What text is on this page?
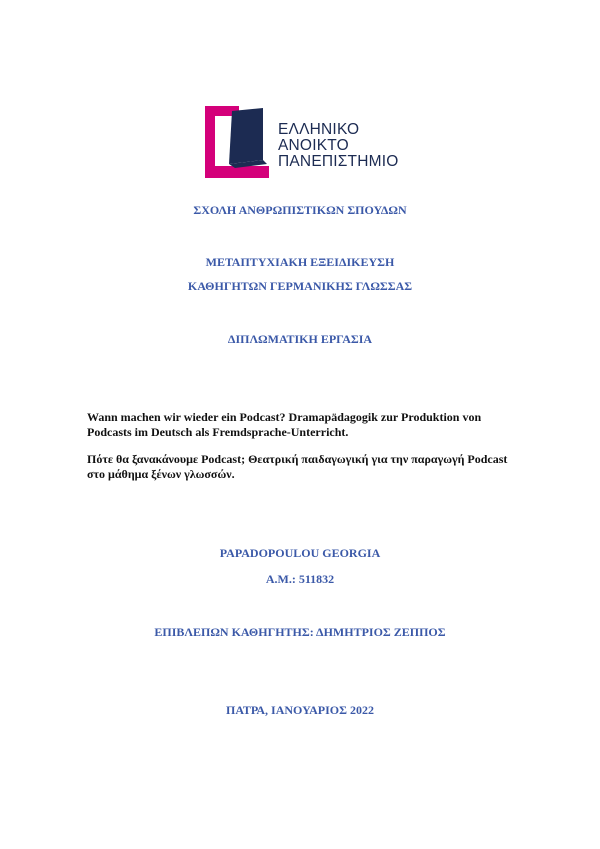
ΕΛΛΗΝΙΚΟ
ΑΝΟΙΚΤΟ
ΠΑΝΕΠΙΣΤΗΜΙΟ
ΣΧΟΛΗ ΑΝΘΡΩΠΙΣΤΙΚΩΝ ΣΠΟΥΔΩΝ
ΜΕΤΑΠΤΥΧΙΑΚΗ ΕΞΕΙΔΙΚΕΥΣΗ
ΚΑΘΗΓΗΤΩΝ ΓΕΡΜΑΝΙΚΗΣ ΓΛΩΣΣΑΣ
ΔΙΠΛΩΜΑΤΙΚΗ ΕΡΓΑΣΙΑ
Wann machen wir wieder ein Podcast? Dramapädagogik zur Produktion von
Podcasts im Deutsch als Fremdsprache-Unterricht.
Πότε θα ξανακάνουμε Podcast; Θεατρική παιδαγωγική για την παραγωγή Podcast
στο μάθημα ξένων γλωσσών.
PAPADOPOULOU GEORGIA
A.M.: 511832
ΕΠΙΒΛΕΠΩΝ ΚΑΘΗΓΗΤΗΣ: ΔΗΜΗΤΡΙΟΣ ΖΕΠΠΟΣ
ΠΑΤΡΑ, ΙΑΝΟΥΑΡΙΟΣ 2022
